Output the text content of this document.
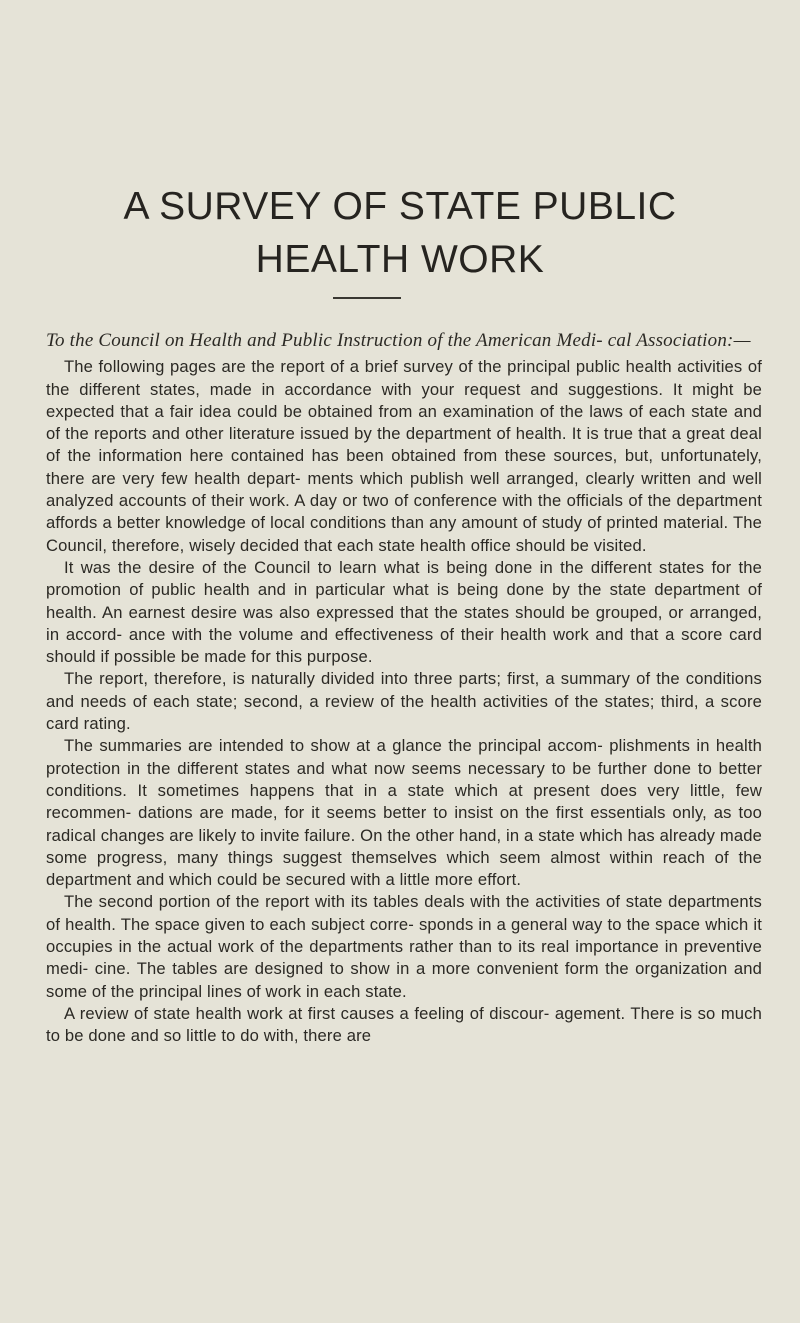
A SURVEY OF STATE PUBLIC
HEALTH WORK
To the Council on Health and Public Instruction of the American Medi- cal Association:—

The following pages are the report of a brief survey of the principal public health activities of the different states, made in accordance with your request and suggestions. It might be expected that a fair idea could be obtained from an examination of the laws of each state and of the reports and other literature issued by the department of health. It is true that a great deal of the information here contained has been obtained from these sources, but, unfortunately, there are very few health depart- ments which publish well arranged, clearly written and well analyzed accounts of their work. A day or two of conference with the officials of the department affords a better knowledge of local conditions than any amount of study of printed material. The Council, therefore, wisely decided that each state health office should be visited.

It was the desire of the Council to learn what is being done in the different states for the promotion of public health and in particular what is being done by the state department of health. An earnest desire was also expressed that the states should be grouped, or arranged, in accord- ance with the volume and effectiveness of their health work and that a score card should if possible be made for this purpose.

The report, therefore, is naturally divided into three parts; first, a summary of the conditions and needs of each state; second, a review of the health activities of the states; third, a score card rating.

The summaries are intended to show at a glance the principal accom- plishments in health protection in the different states and what now seems necessary to be further done to better conditions. It sometimes happens that in a state which at present does very little, few recommen- dations are made, for it seems better to insist on the first essentials only, as too radical changes are likely to invite failure. On the other hand, in a state which has already made some progress, many things suggest themselves which seem almost within reach of the department and which could be secured with a little more effort.

The second portion of the report with its tables deals with the activities of state departments of health. The space given to each subject corre- sponds in a general way to the space which it occupies in the actual work of the departments rather than to its real importance in preventive medi- cine. The tables are designed to show in a more convenient form the organization and some of the principal lines of work in each state.

A review of state health work at first causes a feeling of discour- agement. There is so much to be done and so little to do with, there are
